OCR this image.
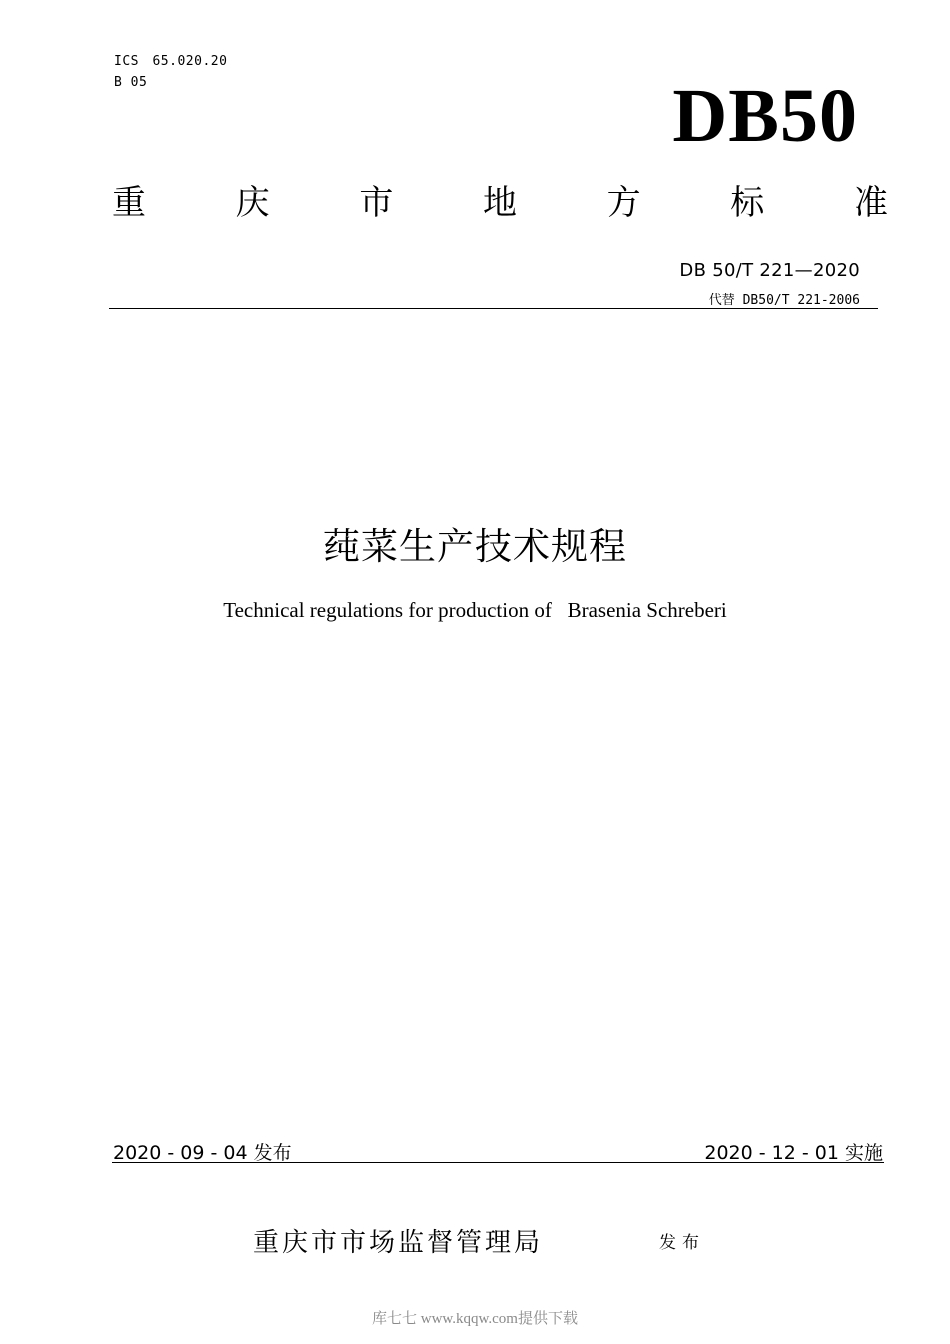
ICS　65.020.20
B 05	DB50
重	庆	市	地	方	标	准
DB 50/T 221—2020
代替 DB50/T 221-2006
莼菜生产技术规程
Technical regulations for production of   Brasenia Schreberi
2020 - 09 - 04 发布	2020 - 12 - 01 实施
重庆市市场监督管理局	发布
库七七 www.kqqw.com提供下载
